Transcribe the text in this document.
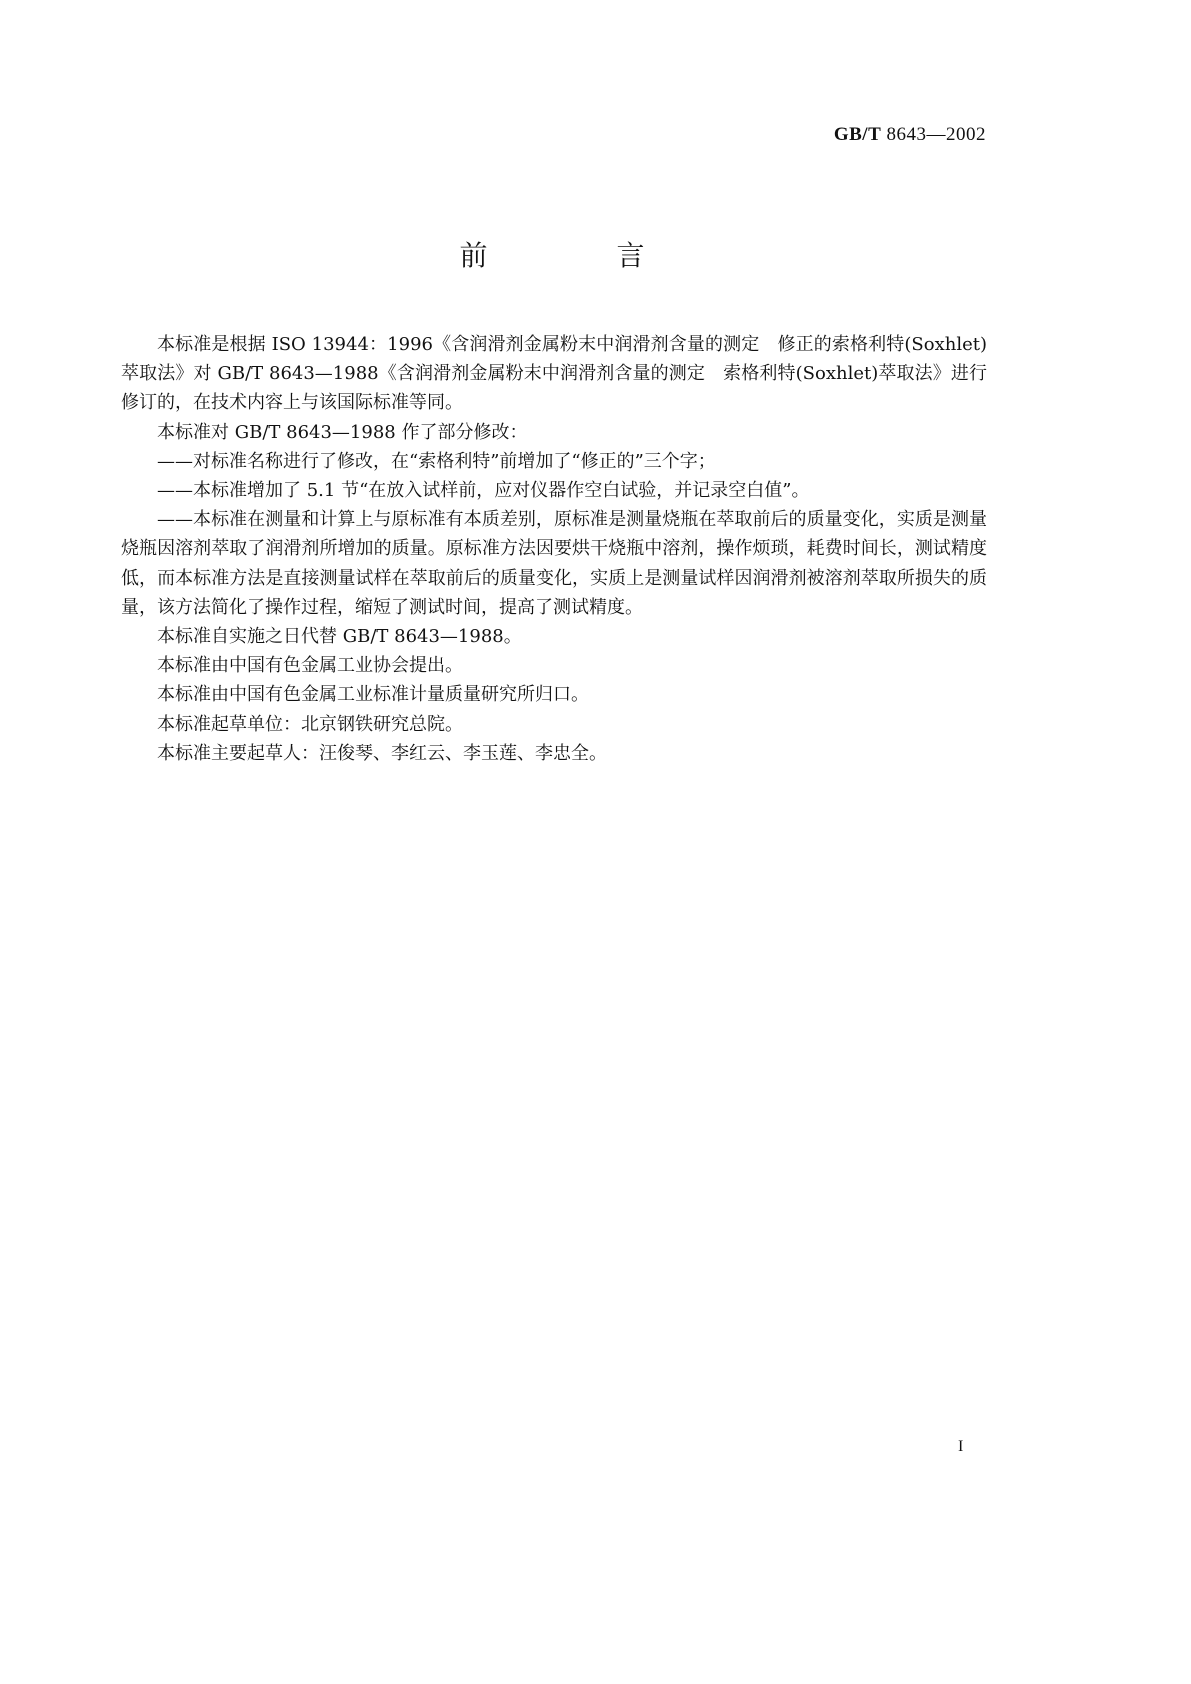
GB/T 8643—2002
前 言

本标准是根据 ISO 13944：1996《含润滑剂金属粉末中润滑剂含量的测定　修正的索格利特(Soxhlet)萃取法》对 GB/T 8643—1988《含润滑剂金属粉末中润滑剂含量的测定　索格利特(Soxhlet)萃取法》进行修订的，在技术内容上与该国际标准等同。

本标准对 GB/T 8643—1988 作了部分修改：

——对标准名称进行了修改，在“索格利特”前增加了“修正的”三个字；

——本标准增加了 5.1 节“在放入试样前，应对仪器作空白试验，并记录空白值”。

——本标准在测量和计算上与原标准有本质差别，原标准是测量烧瓶在萃取前后的质量变化，实质是测量烧瓶因溶剂萃取了润滑剂所增加的质量。原标准方法因要烘干烧瓶中溶剂，操作烦琐，耗费时间长，测试精度低，而本标准方法是直接测量试样在萃取前后的质量变化，实质上是测量试样因润滑剂被溶剂萃取所损失的质量，该方法简化了操作过程，缩短了测试时间，提高了测试精度。

本标准自实施之日代替 GB/T 8643—1988。

本标准由中国有色金属工业协会提出。

本标准由中国有色金属工业标准计量质量研究所归口。

本标准起草单位：北京钢铁研究总院。

本标准主要起草人：汪俊琴、李红云、李玉莲、李忠全。

I
